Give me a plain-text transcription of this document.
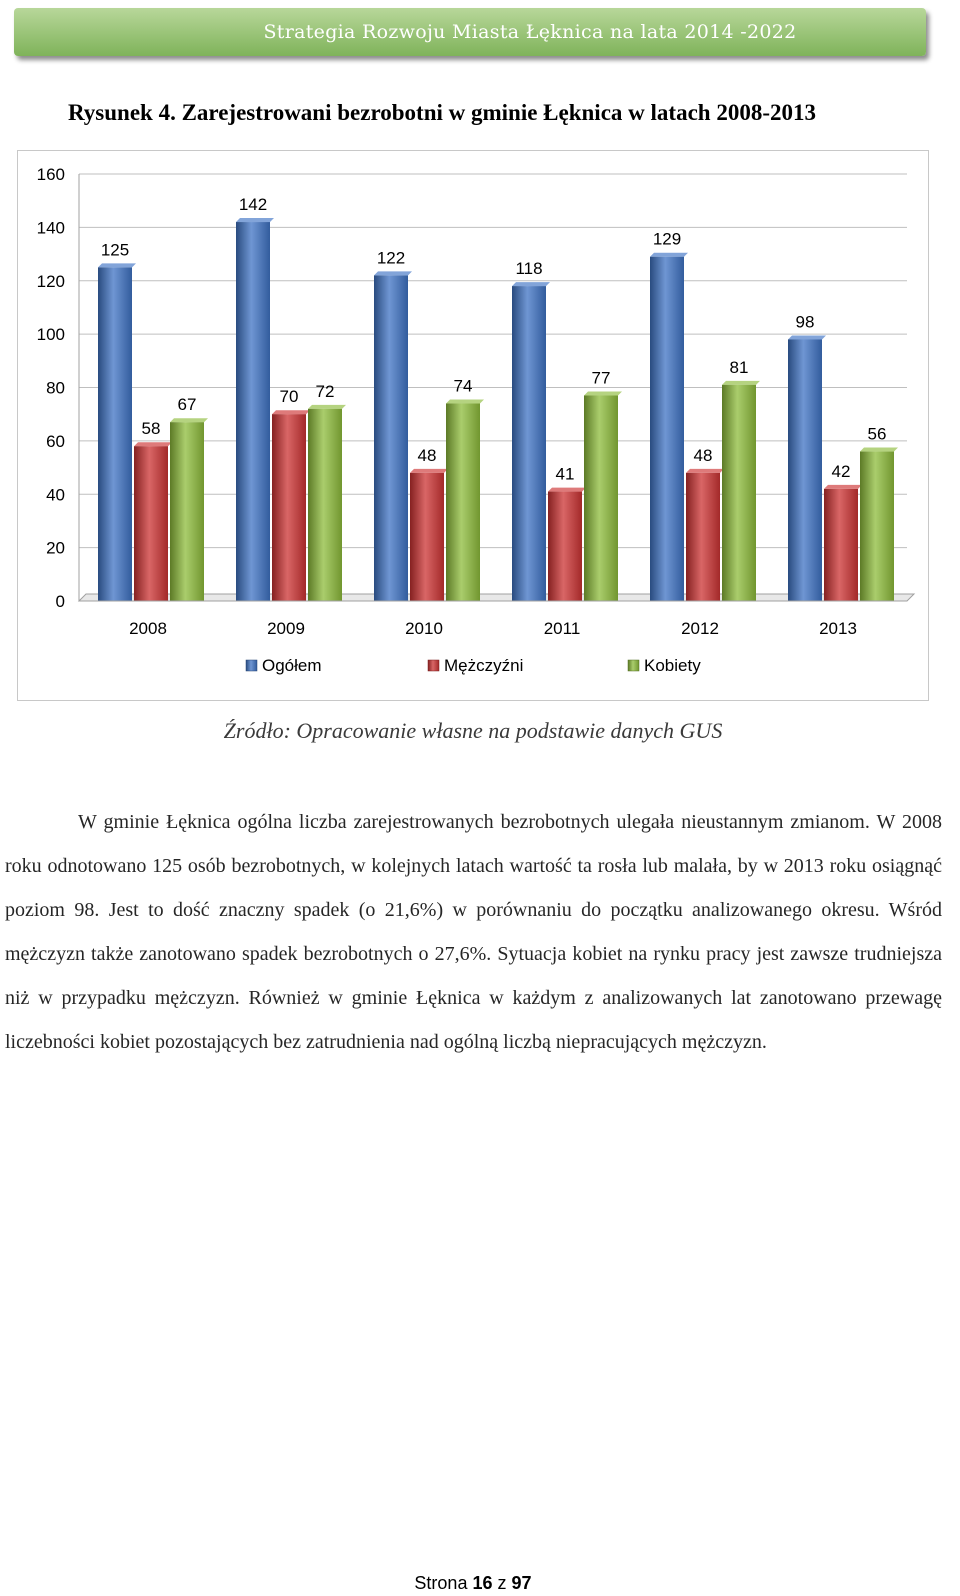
Strategia Rozwoju Miasta Łęknica na lata 2014 -2022
Rysunek 4. Zarejestrowani bezrobotni w gminie Łęknica w latach 2008-2013
125
58
67
142
70 72
122
48
74
118
41
77
129
48
81
98
42
56
0
20
40
60
80
100
120
140
160
2008	2009	2010	2011	2012	2013
Ogółem	Mężczyźni	Kobiety
Źródło: Opracowanie własne na podstawie danych GUS
W gminie Łęknica ogólna liczba zarejestrowanych bezrobotnych ulegała nieustannym zmianom. W 2008 roku odnotowano 125 osób bezrobotnych, w kolejnych latach wartość ta rosła lub malała, by w 2013 roku osiągnąć poziom 98. Jest to dość znaczny spadek (o 21,6%) w porównaniu do początku analizowanego okresu. Wśród mężczyzn także zanotowano spadek bezrobotnych o 27,6%. Sytuacja kobiet na rynku pracy jest zawsze trudniejsza niż w przypadku mężczyzn. Również w gminie Łęknica w każdym z analizowanych lat zanotowano przewagę liczebności kobiet pozostających bez zatrudnienia nad ogólną liczbą niepracujących mężczyzn.
Strona 16 z 97
